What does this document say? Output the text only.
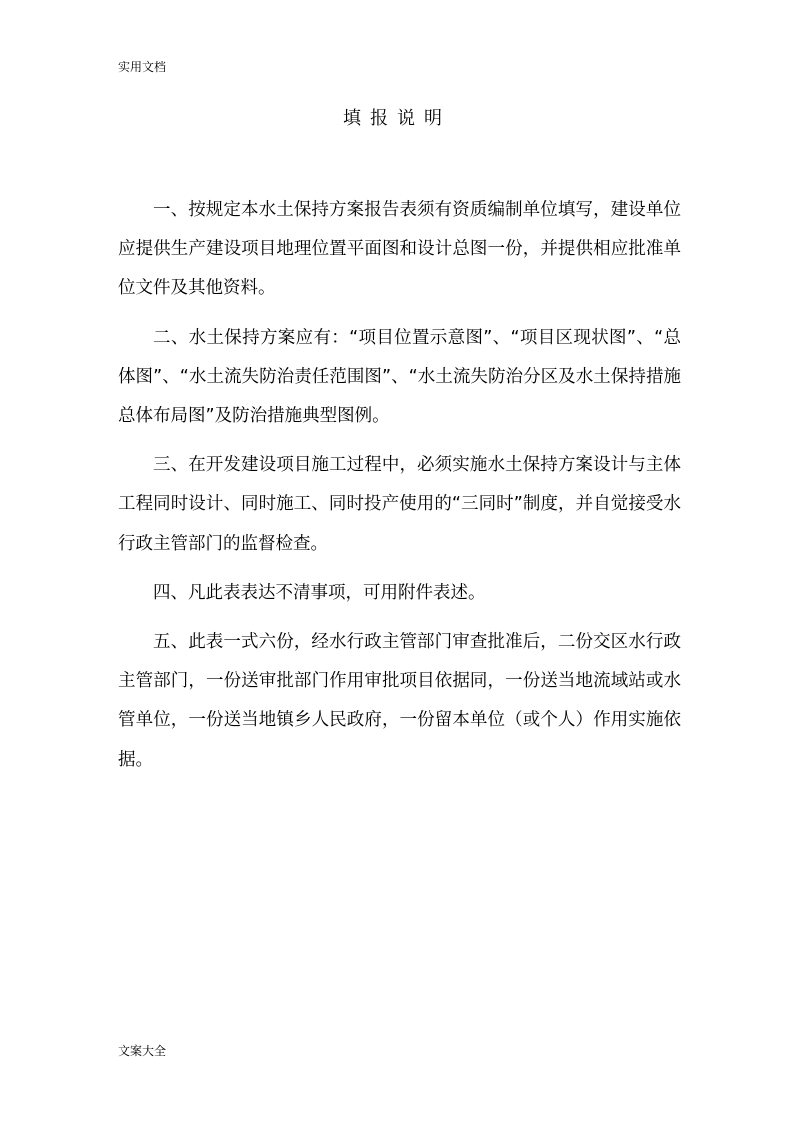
实用文档
填报说明

一、按规定本水土保持方案报告表须有资质编制单位填写，建设单位应提供生产建设项目地理位置平面图和设计总图一份，并提供相应批准单位文件及其他资料。

二、水土保持方案应有：“项目位置示意图”、“项目区现状图”、“总体图”、“水土流失防治责任范围图”、“水土流失防治分区及水土保持措施总体布局图”及防治措施典型图例。

三、在开发建设项目施工过程中，必须实施水土保持方案设计与主体工程同时设计、同时施工、同时投产使用的“三同时”制度，并自觉接受水行政主管部门的监督检查。

四、凡此表表达不清事项，可用附件表述。

五、此表一式六份，经水行政主管部门审查批准后，二份交区水行政主管部门，一份送审批部门作用审批项目依据同，一份送当地流域站或水管单位，一份送当地镇乡人民政府，一份留本单位（或个人）作用实施依据。

文案大全
